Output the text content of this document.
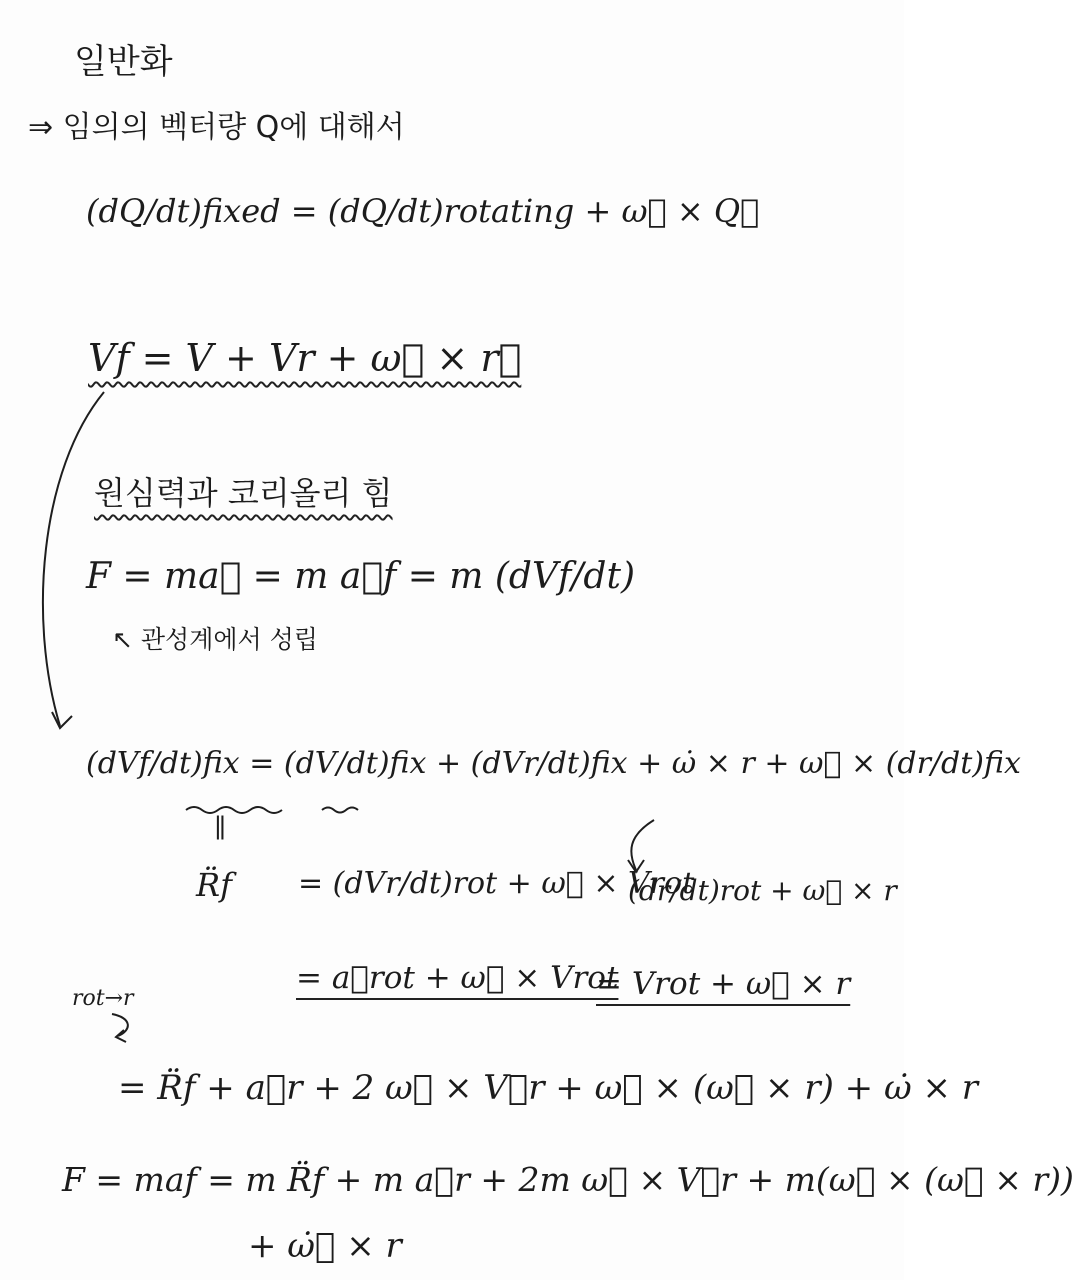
일반화
⇒ 임의의 벡터량 Q에 대해서
(dQ/dt)fixed = (dQ/dt)rotating + ω⃗ × Q⃗
Vf = V + Vr + ω⃗ × r⃗
원심력과 코리올리 힘
F = ma⃗ = m a⃗f = m (dVf/dt)
↖ 관성계에서 성립
(dVf/dt)fix = (dV/dt)fix + (dVr/dt)fix + ω̇ × r + ω⃗ × (dr/dt)fix
∥
R̈f = (dVr/dt)rot + ω⃗ × Vrot
(dr/dt)rot + ω⃗ × r
= a⃗rot + ω⃗ × Vrot
= Vrot + ω⃗ × r
rot→r
= R̈f + a⃗r + 2 ω⃗ × V⃗r + ω⃗ × (ω⃗ × r) + ω̇ × r
F = maf = m R̈f + m a⃗r + 2m ω⃗ × V⃗r + m(ω⃗ × (ω⃗ × r))
+ ω̇⃗ × r
